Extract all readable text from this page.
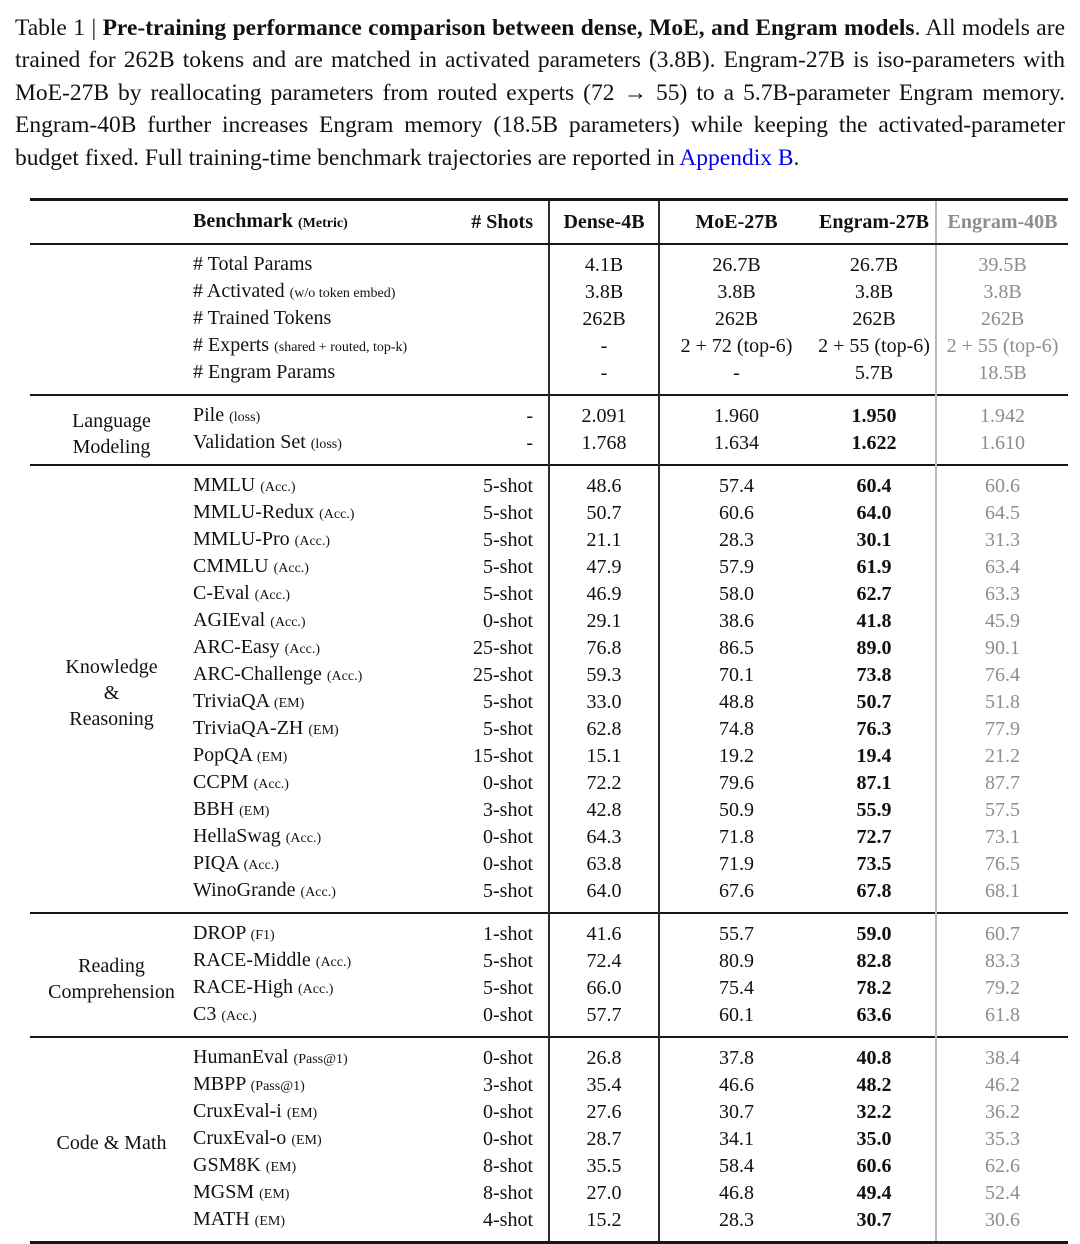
Table 1 | Pre-training performance comparison between dense, MoE, and Engram models. All models are trained for 262B tokens and are matched in activated parameters (3.8B). Engram-27B is iso-parameters with MoE-27B by reallocating parameters from routed experts (72 → 55) to a 5.7B-parameter Engram memory. Engram-40B further increases Engram memory (18.5B parameters) while keeping the activated-parameter budget fixed. Full training-time benchmark trajectories are reported in Appendix B.

	Benchmark (Metric)	# Shots	Dense-4B	MoE-27B	Engram-27B	Engram-40B
	# Total Params		4.1B	26.7B	26.7B	39.5B
	# Activated (w/o token embed)		3.8B	3.8B	3.8B	3.8B
	# Trained Tokens		262B	262B	262B	262B
	# Experts (shared + routed, top-k)		-	2 + 72 (top-6)	2 + 55 (top-6)	2 + 55 (top-6)
	# Engram Params		-	-	5.7B	18.5B

Language
Modeling	Pile (loss)	-	2.091	1.960	1.950	1.942
	Validation Set (loss)	-	1.768	1.634	1.622	1.610

Knowledge
&
Reasoning	MMLU (Acc.)	5-shot	48.6	57.4	60.4	60.6
	MMLU-Redux (Acc.)	5-shot	50.7	60.6	64.0	64.5
	MMLU-Pro (Acc.)	5-shot	21.1	28.3	30.1	31.3
	CMMLU (Acc.)	5-shot	47.9	57.9	61.9	63.4
	C-Eval (Acc.)	5-shot	46.9	58.0	62.7	63.3
	AGIEval (Acc.)	0-shot	29.1	38.6	41.8	45.9
	ARC-Easy (Acc.)	25-shot	76.8	86.5	89.0	90.1
	ARC-Challenge (Acc.)	25-shot	59.3	70.1	73.8	76.4
	TriviaQA (EM)	5-shot	33.0	48.8	50.7	51.8
	TriviaQA-ZH (EM)	5-shot	62.8	74.8	76.3	77.9
	PopQA (EM)	15-shot	15.1	19.2	19.4	21.2
	CCPM (Acc.)	0-shot	72.2	79.6	87.1	87.7
	BBH (EM)	3-shot	42.8	50.9	55.9	57.5
	HellaSwag (Acc.)	0-shot	64.3	71.8	72.7	73.1
	PIQA (Acc.)	0-shot	63.8	71.9	73.5	76.5
	WinoGrande (Acc.)	5-shot	64.0	67.6	67.8	68.1

Reading
Comprehension	DROP (F1)	1-shot	41.6	55.7	59.0	60.7
	RACE-Middle (Acc.)	5-shot	72.4	80.9	82.8	83.3
	RACE-High (Acc.)	5-shot	66.0	75.4	78.2	79.2
	C3 (Acc.)	0-shot	57.7	60.1	63.6	61.8

Code & Math	HumanEval (Pass@1)	0-shot	26.8	37.8	40.8	38.4
	MBPP (Pass@1)	3-shot	35.4	46.6	48.2	46.2
	CruxEval-i (EM)	0-shot	27.6	30.7	32.2	36.2
	CruxEval-o (EM)	0-shot	28.7	34.1	35.0	35.3
	GSM8K (EM)	8-shot	35.5	58.4	60.6	62.6
	MGSM (EM)	8-shot	27.0	46.8	49.4	52.4
	MATH (EM)	4-shot	15.2	28.3	30.7	30.6
